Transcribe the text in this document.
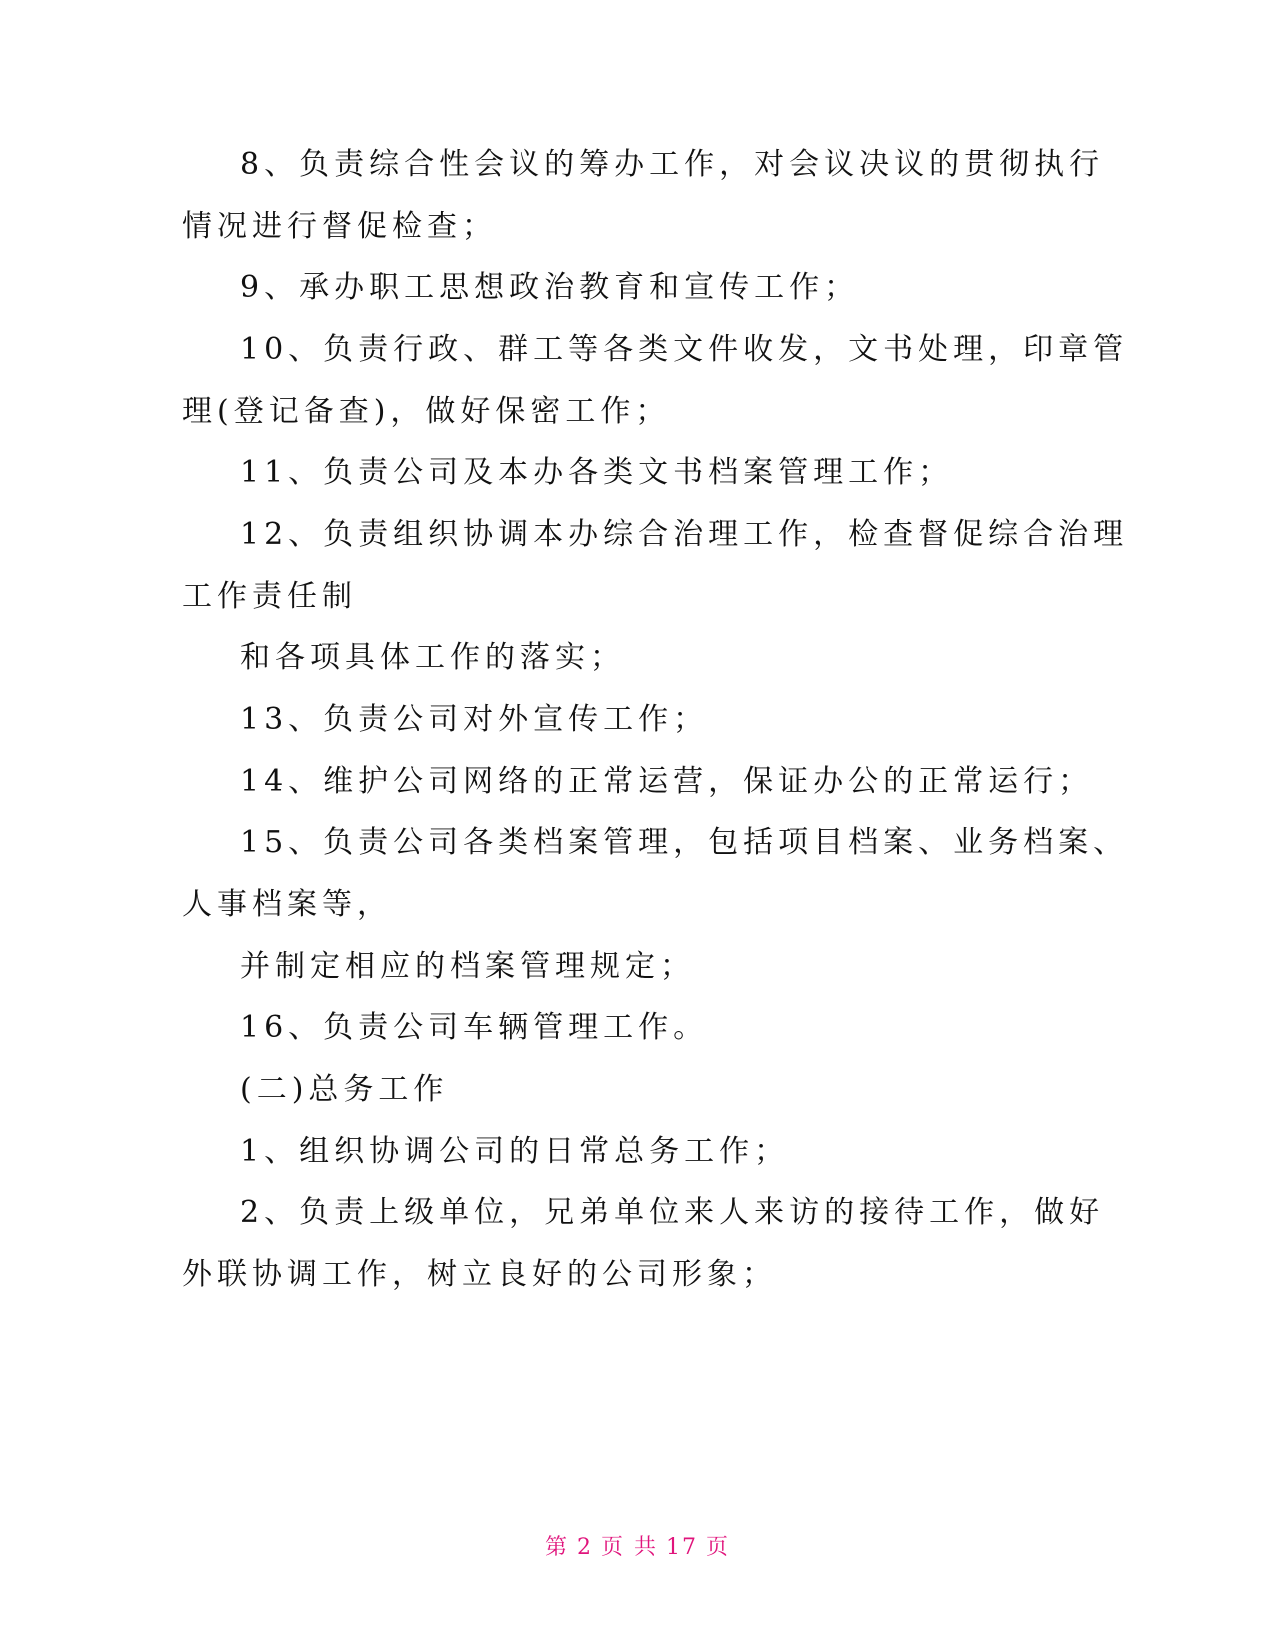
8、负责综合性会议的筹办工作，对会议决议的贯彻执行
情况进行督促检查；
9、承办职工思想政治教育和宣传工作；
10、负责行政、群工等各类文件收发，文书处理，印章管
理(登记备查)，做好保密工作；
11、负责公司及本办各类文书档案管理工作；
12、负责组织协调本办综合治理工作，检查督促综合治理
工作责任制
和各项具体工作的落实；
13、负责公司对外宣传工作；
14、维护公司网络的正常运营，保证办公的正常运行；
15、负责公司各类档案管理，包括项目档案、业务档案、
人事档案等，
并制定相应的档案管理规定；
16、负责公司车辆管理工作。
(二)总务工作
1、组织协调公司的日常总务工作；
2、负责上级单位，兄弟单位来人来访的接待工作，做好
外联协调工作，树立良好的公司形象；
第 2 页 共 17 页
